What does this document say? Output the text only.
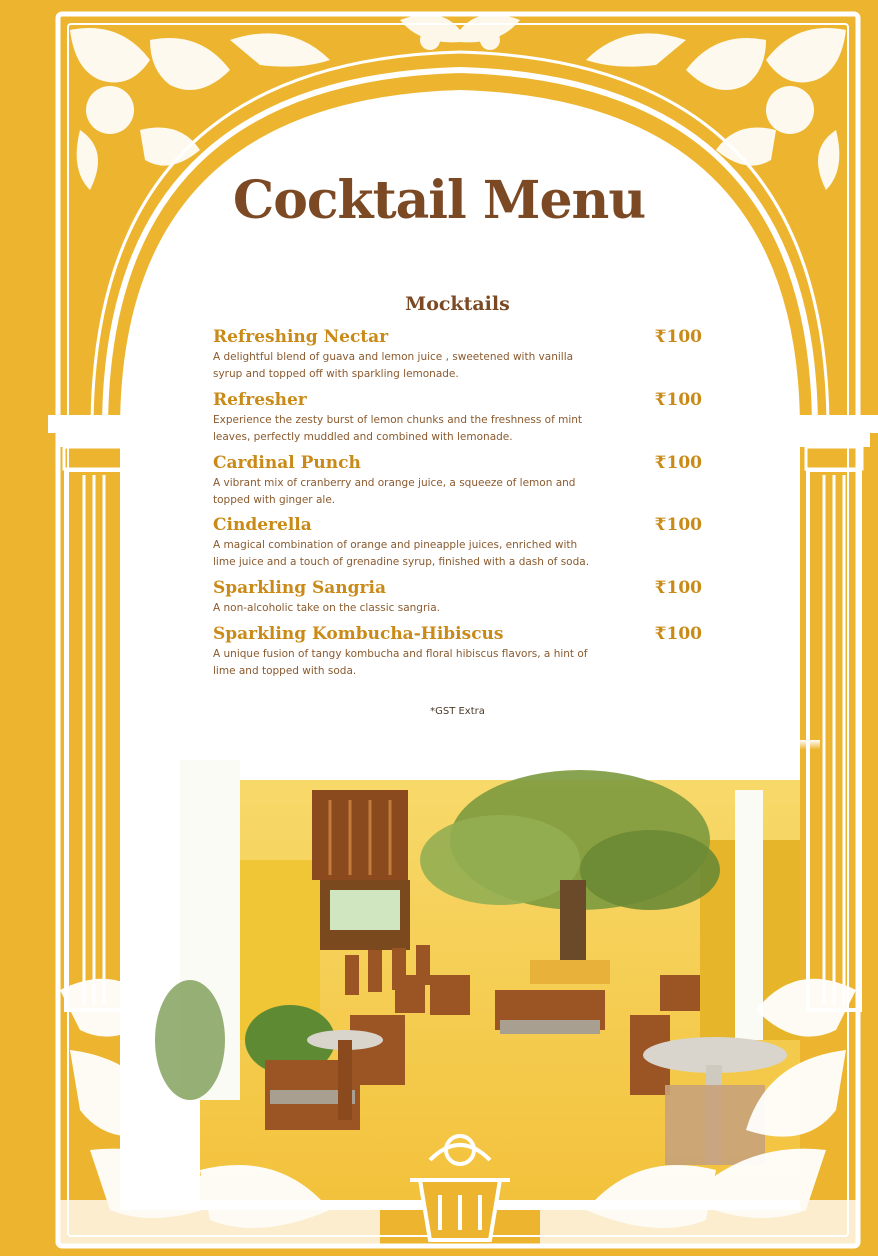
Cocktail Menu
Mocktails
Refreshing Nectar	₹100
A delightful blend of guava and lemon juice , sweetened with vanilla syrup and topped off with sparkling lemonade.
Refresher	₹100
Experience the zesty burst of lemon chunks and the freshness of mint leaves, perfectly muddled and combined with lemonade.
Cardinal Punch	₹100
A vibrant mix of cranberry and orange juice, a squeeze of lemon and topped with ginger ale.
Cinderella	₹100
A magical combination of orange and pineapple juices, enriched with lime juice and a touch of grenadine syrup, finished with a dash of soda.
Sparkling Sangria	₹100
A non-alcoholic take on the classic sangria.
Sparkling Kombucha-Hibiscus	₹100
A unique fusion of tangy kombucha and floral hibiscus flavors, a hint of lime and topped with soda.
*GST Extra
